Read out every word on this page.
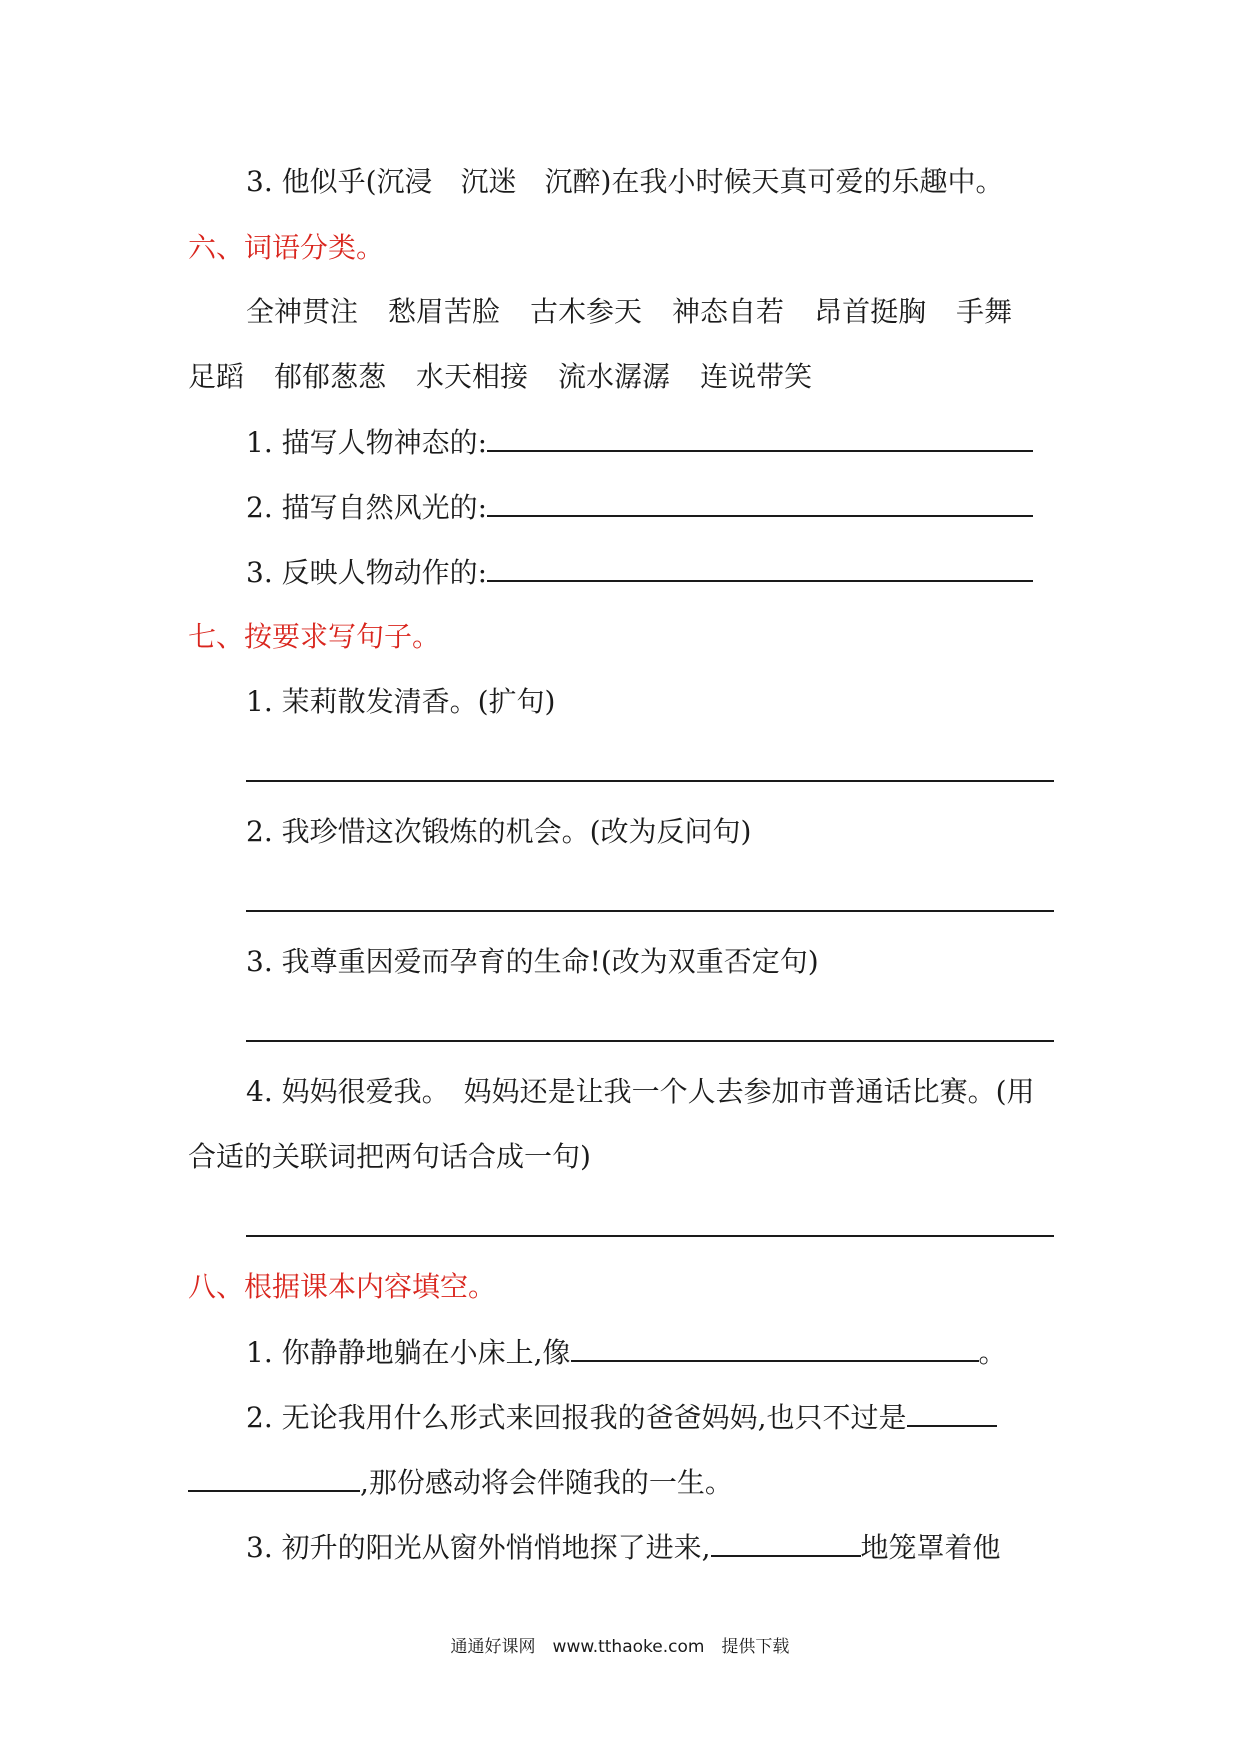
3. 他似乎(沉浸　沉迷　沉醉)在我小时候天真可爱的乐趣中。
六、词语分类。
全神贯注 愁眉苦脸 古木参天 神态自若 昂首挺胸 手舞
足蹈 郁郁葱葱 水天相接 流水潺潺 连说带笑
1. 描写人物神态的:
2. 描写自然风光的:
3. 反映人物动作的:
七、按要求写句子。
1. 茉莉散发清香。(扩句)
2. 我珍惜这次锻炼的机会。(改为反问句)
3. 我尊重因爱而孕育的生命!(改为双重否定句)
4. 妈妈很爱我。　妈妈还是让我一个人去参加市普通话比赛。(用
合适的关联词把两句话合成一句)
八、根据课本内容填空。
1. 你静静地躺在小床上,像	。
2. 无论我用什么形式来回报我的爸爸妈妈,也只不过是
,那份感动将会伴随我的一生。
3. 初升的阳光从窗外悄悄地探了进来,	地笼罩着他
通通好课网　www.tthaoke.com　提供下载
